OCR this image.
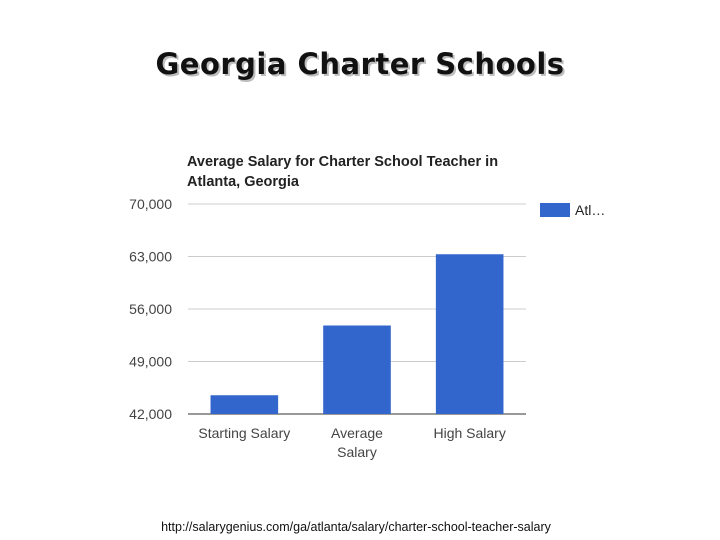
Georgia Charter Schools
Average Salary for Charter School Teacher in
Atlanta, Georgia
70,000
63,000
56,000
49,000
42,000
Starting Salary	Average
Salary
High Salary
Atl…
http://salarygenius.com/ga/atlanta/salary/charter-school-teacher-salary
